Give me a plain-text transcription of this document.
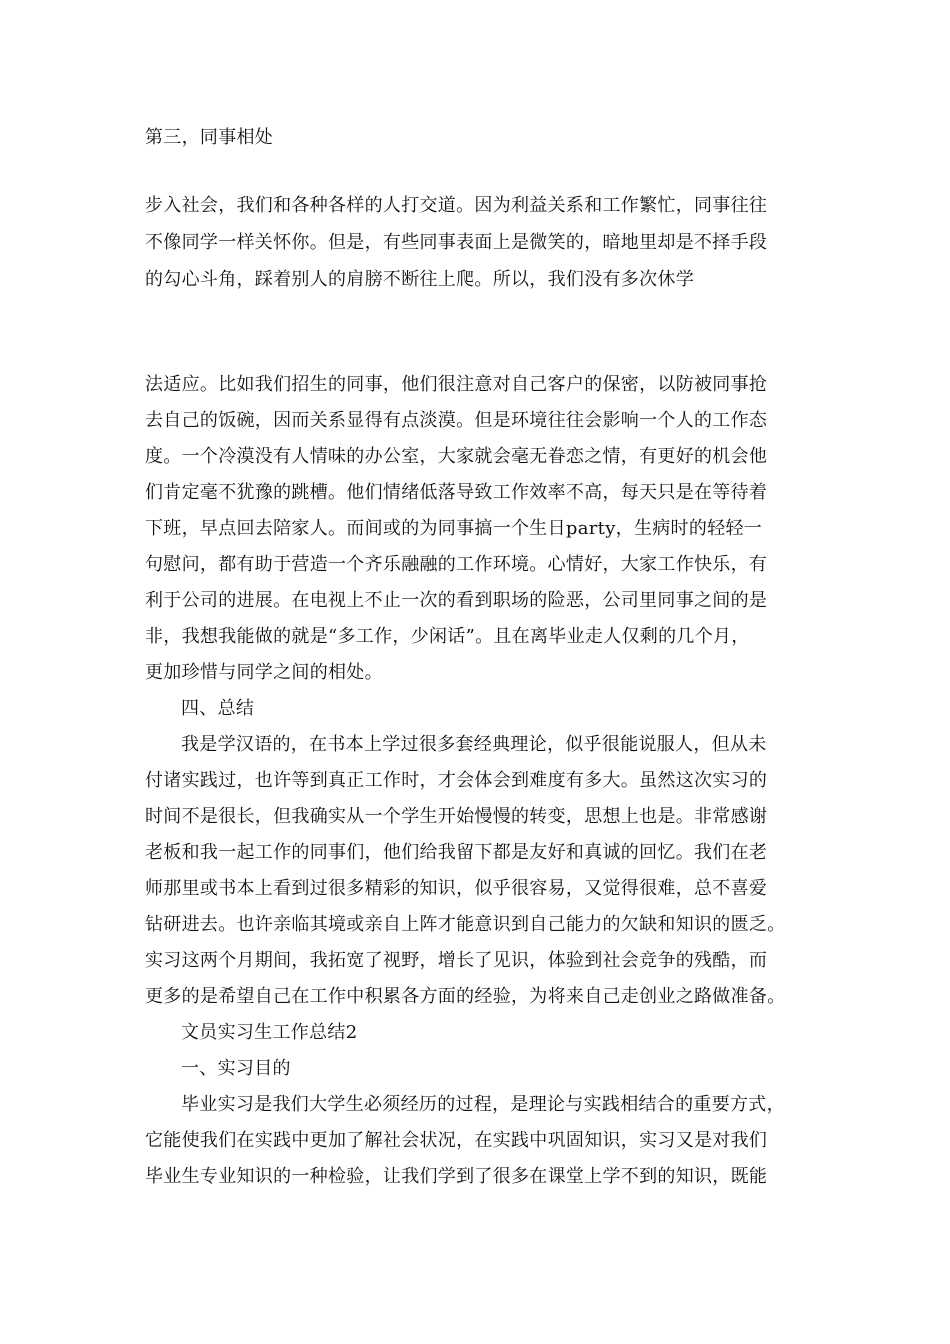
第三，同事相处
步入社会，我们和各种各样的人打交道。因为利益关系和工作繁忙，同事往往
不像同学一样关怀你。但是，有些同事表面上是微笑的，暗地里却是不择手段
的勾心斗角，踩着别人的肩膀不断往上爬。所以，我们没有多次休学
法适应。比如我们招生的同事，他们很注意对自己客户的保密，以防被同事抢
去自己的饭碗，因而关系显得有点淡漠。但是环境往往会影响一个人的工作态
度。一个冷漠没有人情味的办公室，大家就会毫无眷恋之情，有更好的机会他
们肯定毫不犹豫的跳槽。他们情绪低落导致工作效率不高，每天只是在等待着
下班，早点回去陪家人。而间或的为同事搞一个生日party，生病时的轻轻一
句慰问，都有助于营造一个齐乐融融的工作环境。心情好，大家工作快乐，有
利于公司的进展。在电视上不止一次的看到职场的险恶，公司里同事之间的是
非，我想我能做的就是“多工作，少闲话”。且在离毕业走人仅剩的几个月，
更加珍惜与同学之间的相处。
四、总结
我是学汉语的，在书本上学过很多套经典理论，似乎很能说服人，但从未
付诸实践过，也许等到真正工作时，才会体会到难度有多大。虽然这次实习的
时间不是很长，但我确实从一个学生开始慢慢的转变，思想上也是。非常感谢
老板和我一起工作的同事们，他们给我留下都是友好和真诚的回忆。我们在老
师那里或书本上看到过很多精彩的知识，似乎很容易，又觉得很难，总不喜爱
钻研进去。也许亲临其境或亲自上阵才能意识到自己能力的欠缺和知识的匮乏。
实习这两个月期间，我拓宽了视野，增长了见识，体验到社会竞争的残酷，而
更多的是希望自己在工作中积累各方面的经验，为将来自己走创业之路做准备。
文员实习生工作总结2
一、实习目的
毕业实习是我们大学生必须经历的过程，是理论与实践相结合的重要方式，
它能使我们在实践中更加了解社会状况，在实践中巩固知识，实习又是对我们
毕业生专业知识的一种检验，让我们学到了很多在课堂上学不到的知识，既能
